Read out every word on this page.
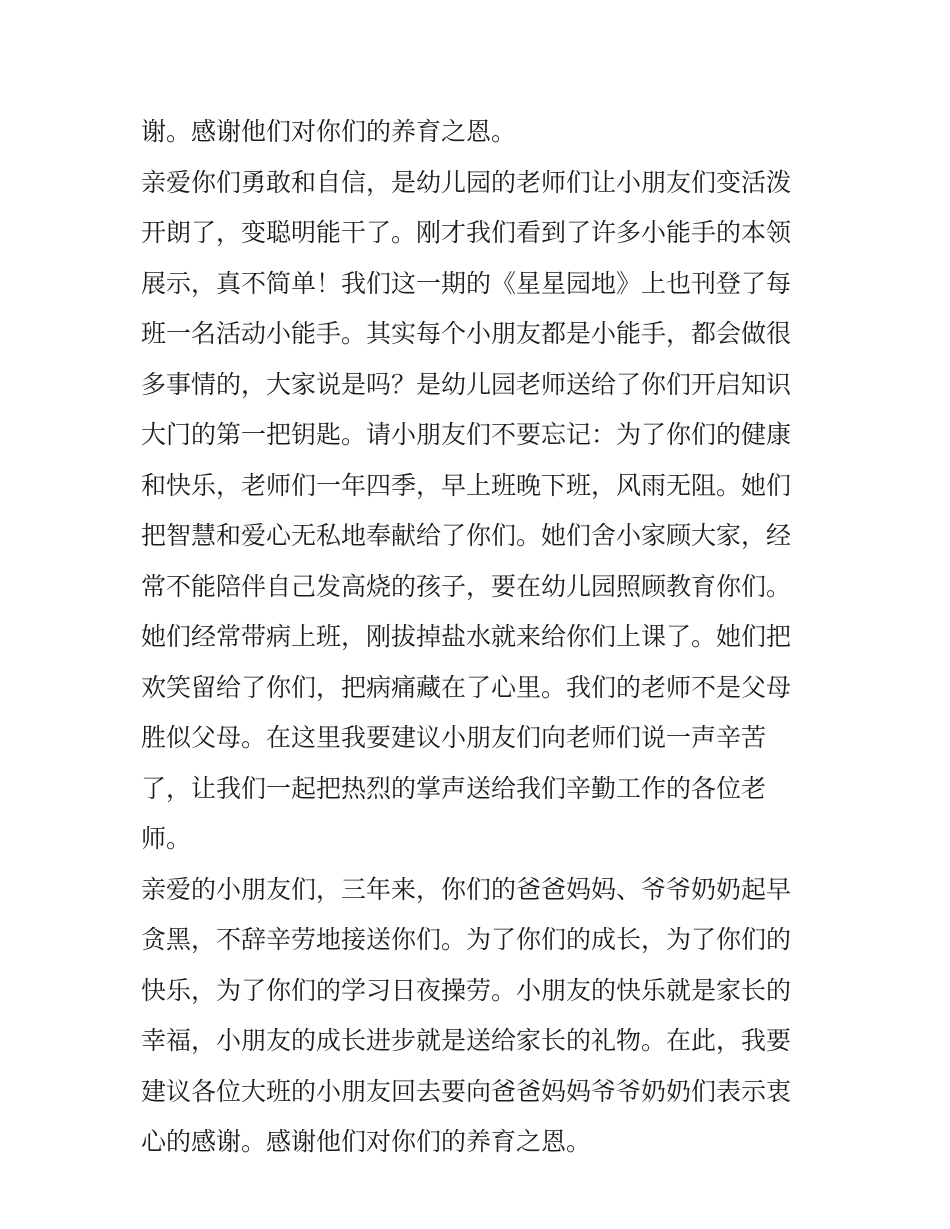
谢。感谢他们对你们的养育之恩。

亲爱你们勇敢和自信，是幼儿园的老师们让小朋友们变活泼开朗了，变聪明能干了。刚才我们看到了许多小能手的本领展示，真不简单！我们这一期的《星星园地》上也刊登了每班一名活动小能手。其实每个小朋友都是小能手，都会做很多事情的，大家说是吗？是幼儿园老师送给了你们开启知识大门的第一把钥匙。请小朋友们不要忘记：为了你们的健康和快乐，老师们一年四季，早上班晚下班，风雨无阻。她们把智慧和爱心无私地奉献给了你们。她们舍小家顾大家，经常不能陪伴自己发高烧的孩子，要在幼儿园照顾教育你们。她们经常带病上班，刚拔掉盐水就来给你们上课了。她们把欢笑留给了你们，把病痛藏在了心里。我们的老师不是父母胜似父母。在这里我要建议小朋友们向老师们说一声辛苦了，让我们一起把热烈的掌声送给我们辛勤工作的各位老师。

亲爱的小朋友们，三年来，你们的爸爸妈妈、爷爷奶奶起早贪黑，不辞辛劳地接送你们。为了你们的成长，为了你们的快乐，为了你们的学习日夜操劳。小朋友的快乐就是家长的幸福，小朋友的成长进步就是送给家长的礼物。在此，我要建议各位大班的小朋友回去要向爸爸妈妈爷爷奶奶们表示衷心的感谢。感谢他们对你们的养育之恩。
